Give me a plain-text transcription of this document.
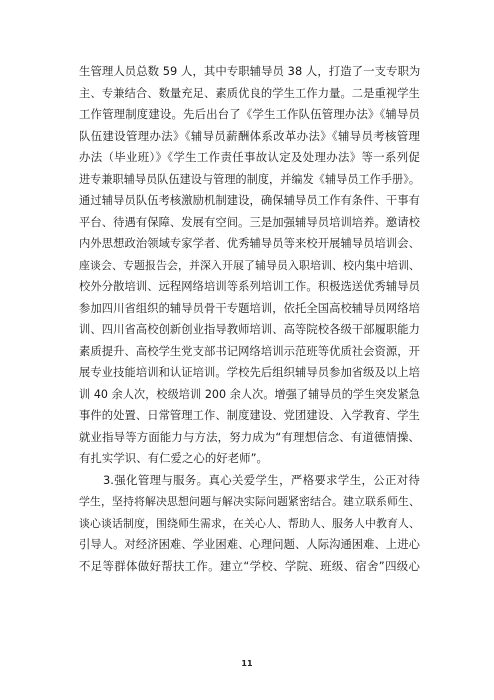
生管理人员总数 59 人，其中专职辅导员 38 人，打造了一支专职为
主、专兼结合、数量充足、素质优良的学生工作力量。二是重视学生
工作管理制度建设。先后出台了《学生工作队伍管理办法》《辅导员
队伍建设管理办法》《辅导员薪酬体系改革办法》《辅导员考核管理
办法（毕业班）》《学生工作责任事故认定及处理办法》等一系列促
进专兼职辅导员队伍建设与管理的制度，并编发《辅导员工作手册》。
通过辅导员队伍考核激励机制建设，确保辅导员工作有条件、干事有
平台、待遇有保障、发展有空间。三是加强辅导员培训培养。邀请校
内外思想政治领域专家学者、优秀辅导员等来校开展辅导员培训会、
座谈会、专题报告会，并深入开展了辅导员入职培训、校内集中培训、
校外分散培训、远程网络培训等系列培训工作。积极选送优秀辅导员
参加四川省组织的辅导员骨干专题培训，依托全国高校辅导员网络培
训、四川省高校创新创业指导教师培训、高等院校各级干部履职能力
素质提升、高校学生党支部书记网络培训示范班等优质社会资源，开
展专业技能培训和认证培训。学校先后组织辅导员参加省级及以上培
训 40 余人次，校级培训 200 余人次。增强了辅导员的学生突发紧急
事件的处置、日常管理工作、制度建设、党团建设、入学教育、学生
就业指导等方面能力与方法，努力成为“有理想信念、有道德情操、
有扎实学识、有仁爱之心的好老师”。
3.强化管理与服务。真心关爱学生，严格要求学生，公正对待
学生，坚持将解决思想问题与解决实际问题紧密结合。建立联系师生、
谈心谈话制度，围绕师生需求，在关心人、帮助人、服务人中教育人、
引导人。对经济困难、学业困难、心理问题、人际沟通困难、上进心
不足等群体做好帮扶工作。建立“学校、学院、班级、宿舍”四级心
11
